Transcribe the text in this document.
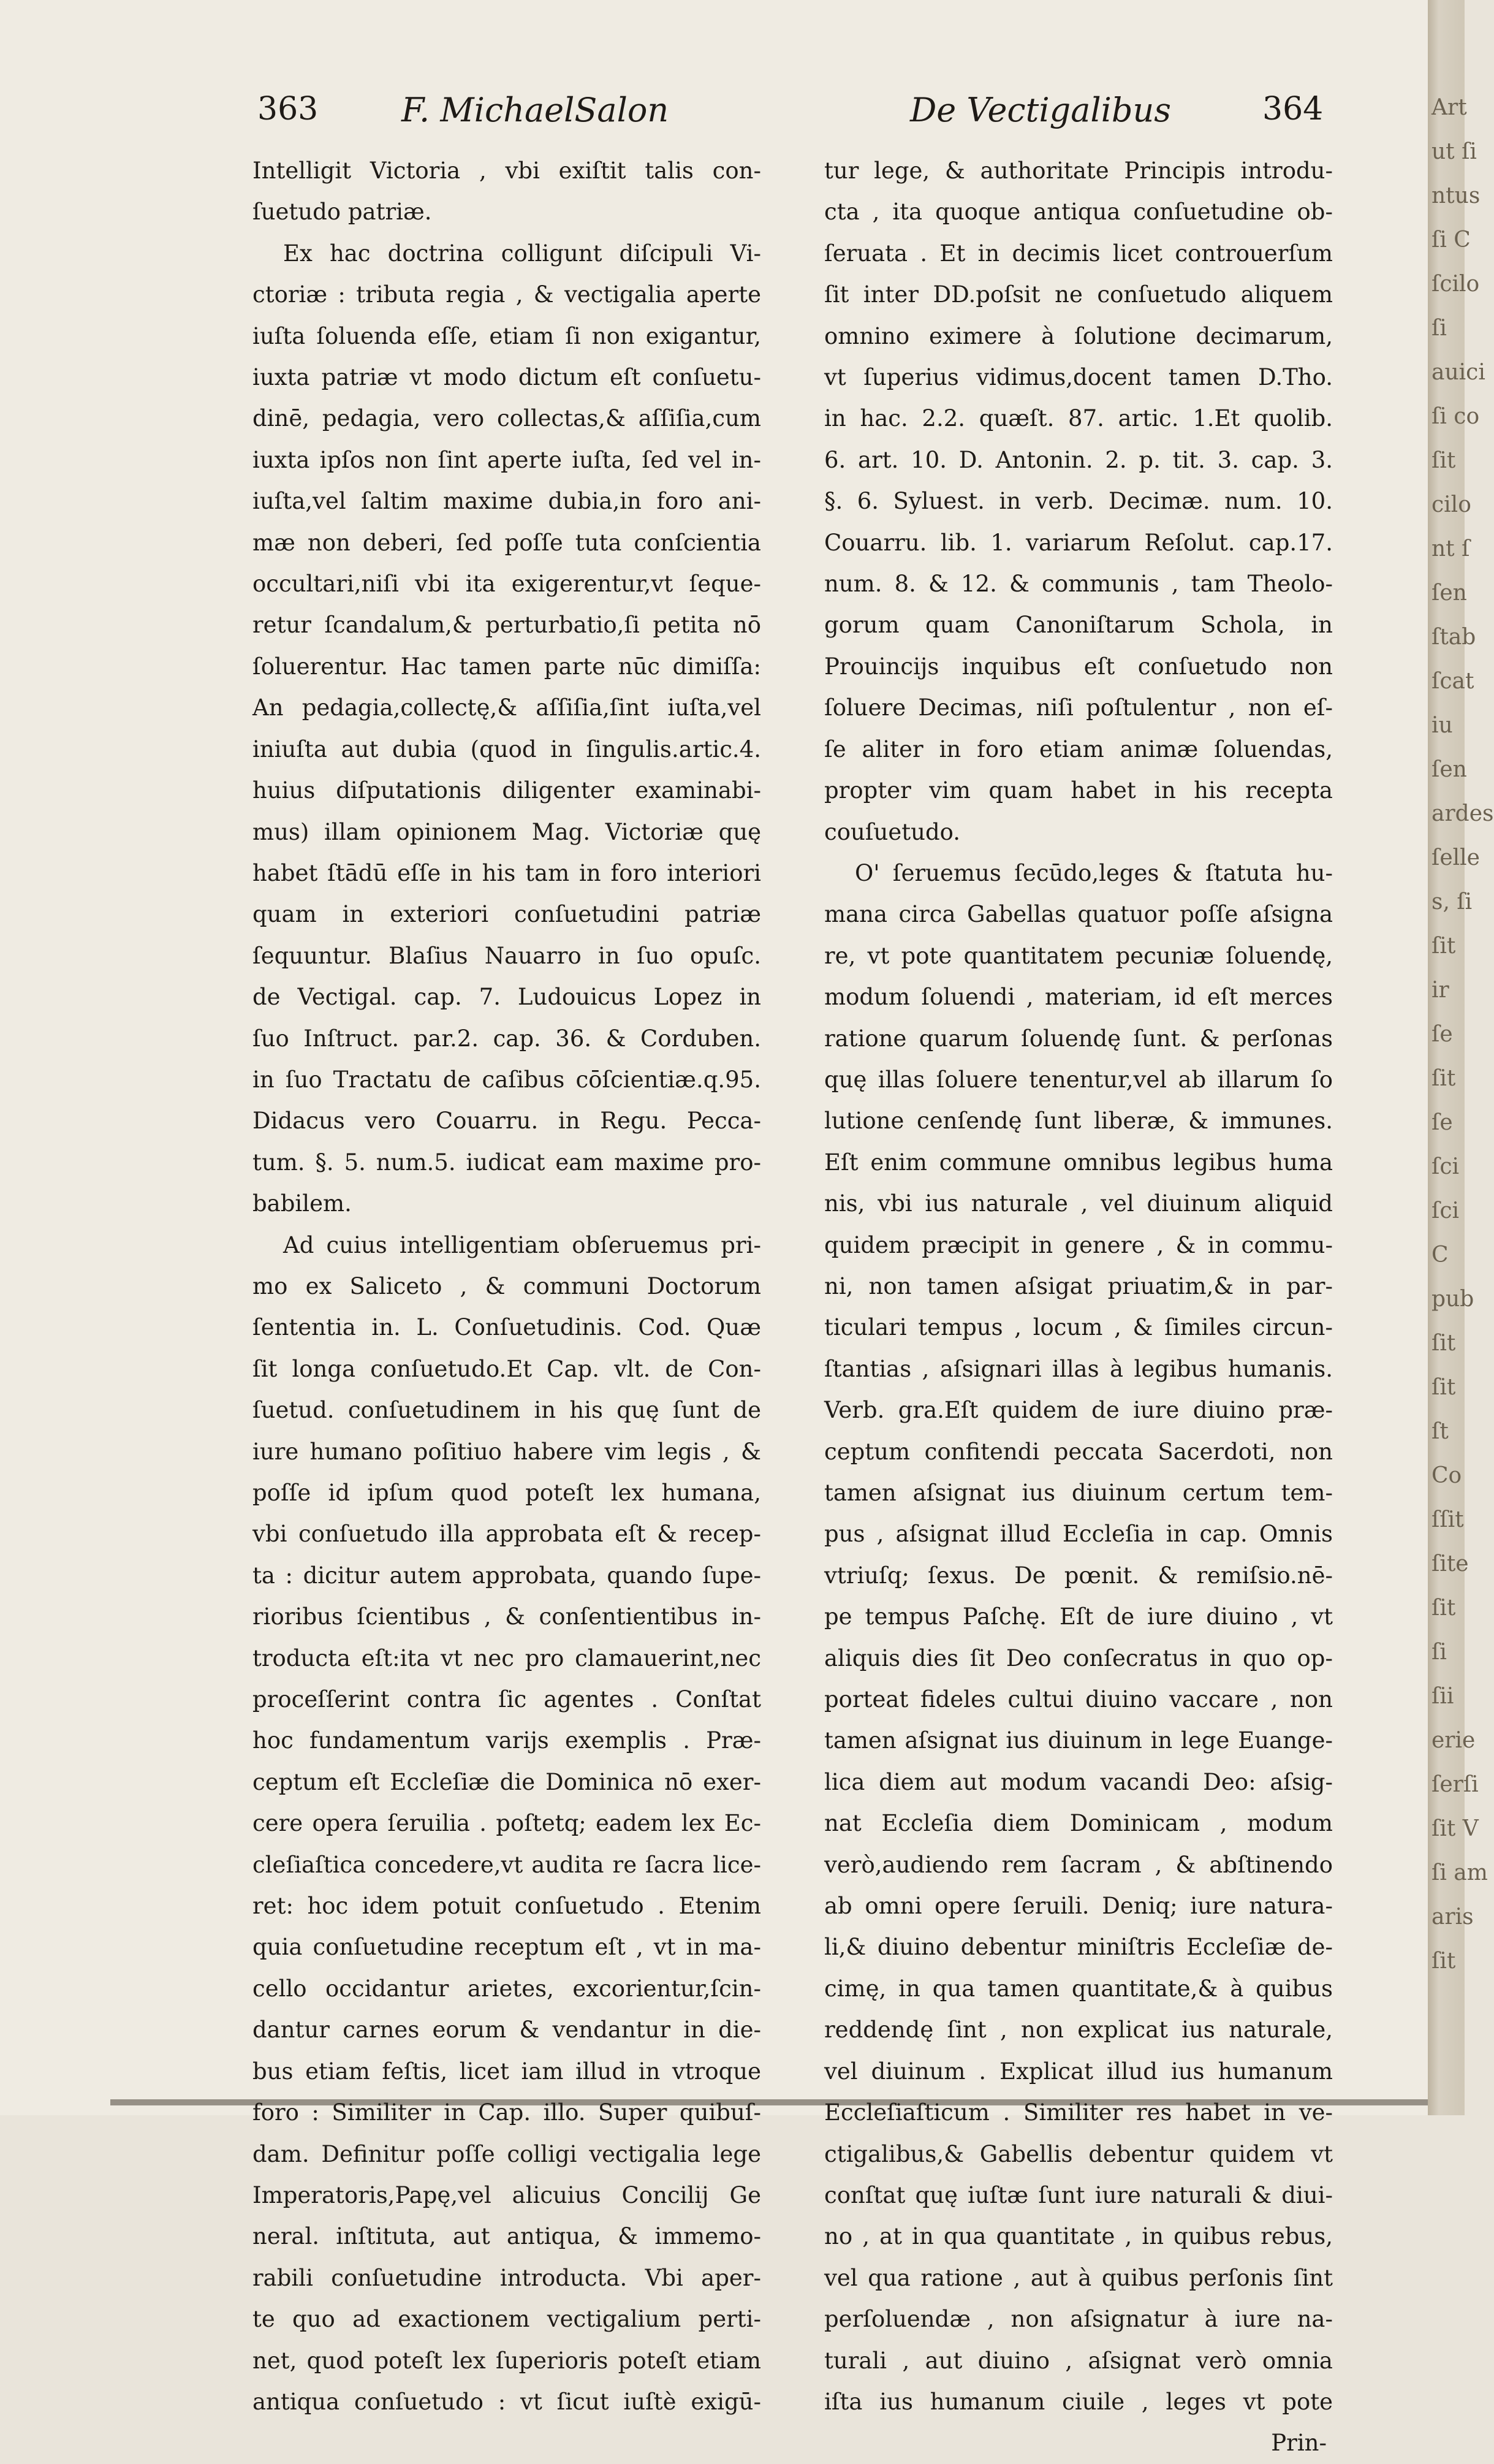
Art
ut ſi
ntus
ſi C
ſcilo
ſi
auici
ſi co
ſit
cilo
nt ſ
ſen
ſtab
ſcat
iu
ſen
ardes
ſelle
s, ſi
ſit
ir
ſe
ſit
ſe
ſci
ſci
C
pub
ſit
ſit
ſt
Co
ſſit
ſite
ſit
ſi
ſii
erie
ſerſi
ſit V
ſi am
aris
ſit
363	F. MichaelSalon	De Vectigalibus	364
Intelligit Victoria , vbi exiſtit talis con-
ſuetudo patriæ.
Ex hac doctrina colligunt diſcipuli Vi-
ctoriæ : tributa regia , & vectigalia aperte
iuſta ſoluenda eſſe, etiam ſi non exigantur,
iuxta patriæ vt modo dictum eſt conſuetu-
dinē, pedagia, vero collectas,& aſſiſia,cum
iuxta ipſos non ſint aperte iuſta, ſed vel in-
iuſta,vel ſaltim maxime dubia,in foro ani-
mæ non deberi, ſed poſſe tuta conſcientia
occultari,niſi vbi ita exigerentur,vt ſeque-
retur ſcandalum,& perturbatio,ſi petita nō
ſoluerentur. Hac tamen parte nūc dimiſſa:
An pedagia,collectę,& aſſiſia,ſint iuſta,vel
iniuſta aut dubia (quod in ſingulis.artic.4.
huius diſputationis diligenter examinabi-
mus) illam opinionem Mag. Victoriæ quę
habet ſtādū eſſe in his tam in foro interiori
quam in exteriori conſuetudini patriæ
ſequuntur. Blaſius Nauarro in ſuo opuſc.
de Vectigal. cap. 7. Ludouicus Lopez in
ſuo Inſtruct. par.2. cap. 36. & Corduben.
in ſuo Tractatu de caſibus cōſcientiæ.q.95.
Didacus vero Couarru. in Regu. Pecca-
tum. §. 5. num.5. iudicat eam maxime pro-
babilem.
Ad cuius intelligentiam obſeruemus pri-
mo ex Saliceto , & communi Doctorum
ſententia in. L. Conſuetudinis. Cod. Quæ
ſit longa conſuetudo.Et Cap. vlt. de Con-
ſuetud. conſuetudinem in his quę ſunt de
iure humano poſitiuo habere vim legis , &
poſſe id ipſum quod poteſt lex humana,
vbi conſuetudo illa approbata eſt & recep-
ta : dicitur autem approbata, quando ſupe-
rioribus ſcientibus , & conſentientibus in-
troducta eſt:ita vt nec pro clamauerint,nec
proceſſerint contra ſic agentes . Conſtat
hoc fundamentum varijs exemplis . Præ-
ceptum eſt Eccleſiæ die Dominica nō exer-
cere opera ſeruilia . poſtetq; eadem lex Ec-
cleſiaſtica concedere,vt audita re ſacra lice-
ret: hoc idem potuit conſuetudo . Etenim
quia conſuetudine receptum eſt , vt in ma-
cello occidantur arietes, excorientur,ſcin-
dantur carnes eorum & vendantur in die-
bus etiam feſtis, licet iam illud in vtroque
foro : Similiter in Cap. illo. Super quibuſ-
dam. Definitur poſſe colligi vectigalia lege
Imperatoris,Papę,vel alicuius Concilij Ge
neral. inſtituta, aut antiqua, & immemo-
rabili conſuetudine introducta. Vbi aper-
te quo ad exactionem vectigalium perti-
net, quod poteſt lex ſuperioris poteſt etiam
antiqua conſuetudo : vt ſicut iuſtè exigū-
tur lege, & authoritate Principis introdu-
cta , ita quoque antiqua conſuetudine ob-
ſeruata . Et in decimis licet controuerſum
ſit inter DD.poſsit ne conſuetudo aliquem
omnino eximere à ſolutione decimarum,
vt ſuperius vidimus,docent tamen D.Tho.
in hac. 2.2. quæſt. 87. artic. 1.Et quolib.
6. art. 10. D. Antonin. 2. p. tit. 3. cap. 3.
§. 6. Syluest. in verb. Decimæ. num. 10.
Couarru. lib. 1. variarum Reſolut. cap.17.
num. 8. & 12. & communis , tam Theolo-
gorum quam Canoniſtarum Schola, in
Prouincijs inquibus eſt conſuetudo non
ſoluere Decimas, niſi poſtulentur , non eſ-
ſe aliter in foro etiam animæ ſoluendas,
propter vim quam habet in his recepta
couſuetudo.
O' ſeruemus ſecūdo,leges & ſtatuta hu-
mana circa Gabellas quatuor poſſe aſsigna
re, vt pote quantitatem pecuniæ ſoluendę,
modum ſoluendi , materiam, id eſt merces
ratione quarum ſoluendę ſunt. & perſonas
quę illas ſoluere tenentur,vel ab illarum ſo
lutione cenſendę ſunt liberæ, & immunes.
Eſt enim commune omnibus legibus huma
nis, vbi ius naturale , vel diuinum aliquid
quidem præcipit in genere , & in commu-
ni, non tamen aſsigat priuatim,& in par-
ticulari tempus , locum , & ſimiles circun-
ſtantias , aſsignari illas à legibus humanis.
Verb. gra.Eſt quidem de iure diuino præ-
ceptum confitendi peccata Sacerdoti, non
tamen aſsignat ius diuinum certum tem-
pus , aſsignat illud Eccleſia in cap. Omnis
vtriuſq; ſexus. De pœnit. & remiſsio.nē-
pe tempus Paſchę. Eſt de iure diuino , vt
aliquis dies ſit Deo conſecratus in quo op-
porteat fideles cultui diuino vaccare , non
tamen aſsignat ius diuinum in lege Euange-
lica diem aut modum vacandi Deo: aſsig-
nat Eccleſia diem Dominicam , modum
verò,audiendo rem ſacram , & abſtinendo
ab omni opere ſeruili. Deniq; iure natura-
li,& diuino debentur miniſtris Eccleſiæ de-
cimę, in qua tamen quantitate,& à quibus
reddendę ſint , non explicat ius naturale,
vel diuinum . Explicat illud ius humanum
Eccleſiaſticum . Similiter res habet in ve-
ctigalibus,& Gabellis debentur quidem vt
conſtat quę iuſtæ ſunt iure naturali & diui-
no , at in qua quantitate , in quibus rebus,
vel qua ratione , aut à quibus perſonis ſint
perſoluendæ , non aſsignatur à iure na-
turali , aut diuino , aſsignat verò omnia
iſta ius humanum ciuile , leges vt pote
Prin-
